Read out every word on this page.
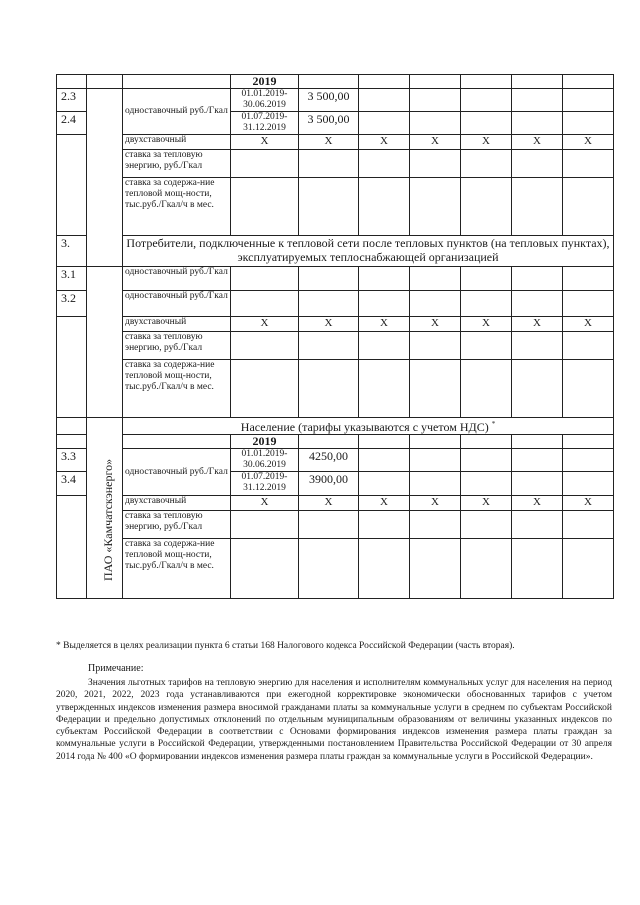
			2019						
2.3		одноставочный руб./Гкал	01.01.2019-30.06.2019	3 500,00					
2.4			01.07.2019-31.12.2019	3 500,00					
		двухставочный	X	X	X	X	X	X	X
		ставка за тепловую энергию, руб./Гкал							
		ставка за содержа-ние тепловой мощ-ности, тыс.руб./Гкал/ч в мес.							
3.		Потребители, подключенные к тепловой сети после тепловых пунктов (на тепловых пунктах), эксплуатируемых теплоснабжающей организацией							
3.1		одноставочный руб./Гкал							
3.2		одноставочный руб./Гкал							
		двухставочный	X	X	X	X	X	X	X
		ставка за тепловую энергию, руб./Гкал							
		ставка за содержа-ние тепловой мощ-ности, тыс.руб./Гкал/ч в мес.							

	ПАО «Камчатскэнерго»	Население (тарифы указываются с учетом НДС) *
			2019						
3.3		одноставочный руб./Гкал	01.01.2019-30.06.2019	4250,00					
3.4			01.07.2019-31.12.2019	3900,00					
		двухставочный	X	X	X	X	X	X	X
		ставка за тепловую энергию, руб./Гкал							
		ставка за содержа-ние тепловой мощ-ности, тыс.руб./Гкал/ч в мес.							
* Выделяется в целях реализации пункта 6 статьи 168 Налогового кодекса Российской Федерации (часть вторая).
Примечание:
Значения льготных тарифов на тепловую энергию для населения и исполнителям коммунальных услуг для населения на период 2020, 2021, 2022, 2023 года устанавливаются при ежегодной корректировке экономически обоснованных тарифов с учетом утвержденных индексов изменения размера вносимой гражданами платы за коммунальные услуги в среднем по субъектам Российской Федерации и предельно допустимых отклонений по отдельным муниципальным образованиям от величины указанных индексов по субъектам Российской Федерации в соответствии с Основами формирования индексов изменения размера платы граждан за коммунальные услуги в Российской Федерации, утвержденными постановлением Правительства Российской Федерации от 30 апреля 2014 года № 400 «О формировании индексов изменения размера платы граждан за коммунальные услуги в Российской Федерации».
